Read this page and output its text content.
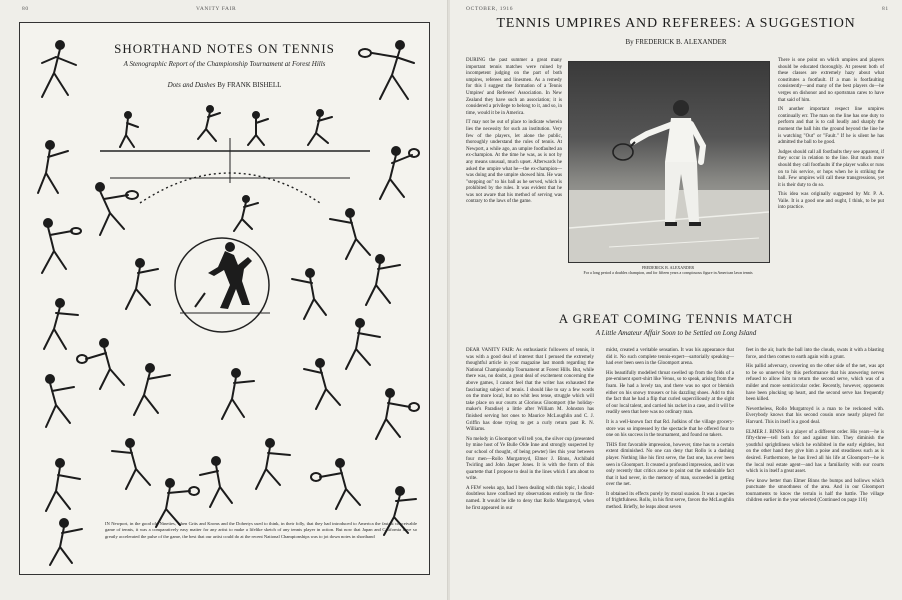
80	VANITY FAIR
SHORTHAND NOTES ON TENNIS
A Stenographic Report of the Championship Tournament at Forest Hills
Dots and Dashes By FRANK BISHELL
IN Newport, in the good old Nineties, when Grits and Kroms and the Dohertys used to think, in their folly, that they had introduced to America the fastest conceivable game of tennis, it was a comparatively easy matter for any artist to make a lifelike sketch of any tennis player in action. But now that Japan and California have so greatly accelerated the pulse of the game, the best that our artist could do at the recent National Championships was to jot down notes in shorthand
OCTOBER, 1916	81
TENNIS UMPIRES AND REFEREES: A SUGGESTION
By FREDERICK B. ALEXANDER

DURING the past summer a great many important tennis matches were ruined by incompetent judging on the part of both umpires, referees and linesmen. As a remedy for this I suggest the formation of a Tennis Umpires' and Referees' Association. In New Zealand they have such an association; it is considered a privilege to belong to it, and so, in time, would it be in America.

IT may not be out of place to indicate wherein lies the necessity for such an institution. Very few of the players, let alone the public, thoroughly understand the rules of tennis. At Newport, a while ago, an umpire footfaulted an ex-champion. At the time he was, as is not by any means unusual, much upset. Afterwards he asked the umpire what he—the ex-champion—was doing and the umpire showed him. He was "stepping on" to his ball as he served, which is prohibited by the rules. It was evident that he was not aware that his method of serving was contrary to the laws of the game.

FREDERICK B. ALEXANDER
For a long period a doubles champion, and for fifteen years a conspicuous figure in American lawn tennis

There is one point on which umpires and players should be educated thoroughly. At present both of these classes are extremely hazy about what constitutes a footfault. If a man is footfaulting consistently—and many of the best players do—he verges on dishonor and no sportsman cares to have that said of him.

IN another important respect line umpires continually err. The man on the line has one duty to perform and that is to call loudly and sharply the moment the ball hits the ground beyond the line he is watching "Out" or "Fault." If he is silent he has admitted the ball to be good.

Judges should call all footfaults they see apparent, if they occur in relation to the line. But much more should they call footfaults if the player walks or runs on to his service, or hops when he is striking the ball. Few umpires will call these transgressions, yet it is their duty to do so.

This idea was originally suggested by Mr. P. A. Vaile. It is a good one and ought, I think, to be put into practice.

A GREAT COMING TENNIS MATCH
A Little Amateur Affair Soon to be Settled on Long Island

DEAR VANITY FAIR: As enthusiastic followers of tennis, it was with a good deal of interest that I perused the extremely thoughtful article in your magazine last month regarding the National Championship Tournament at Forest Hills. But, while there was, no doubt, a great deal of excitement concerning the above games, I cannot feel that the writer has exhausted the fascinating subject of tennis. I should like to say a few words on the more local, but no whit less tense, struggle which will take place on our courts at Glorious Gloomport (the holiday-maker's Paradise) a little after William M. Johnston has finished serving hot ones to Maurice McLoughlin and C. J. Griffin has done trying to get a curly return past R. N. Williams.

No melody in Gloomport will tell you, the silver cup (presented by mine host of Ye Bulle Olde Inne and strongly suspected by our school of thought, of being pewter) lies this year between four men—Rollo Murgatroyd, Elmer J. Binns, Archibald Twirling and John Jasper Jones. It is with the form of this quartette that I propose to deal in the lines which I am about to write.

A FEW weeks ago, had I been dealing with this topic, I should doubtless have confined my observations entirely to the first-named. It would be idle to deny that Rollo Murgatroyd, when he first appeared in our

midst, created a veritable sensation. It was his appearance that did it. No such complete tennis-expert—sartorially speaking—had ever been seen in the Gloomport arena.

His beautifully modelled throat swelled up from the folds of a pre-eminent sport-shirt like Venus, so to speak, arising from the foam. He had a lovely tan, and there was no spot or blemish either on his snowy trousers or his dazzling shoes. Add to this the fact that he had a flip that curled superciliously at the sight of our local talent, and carried his racket in a case, and it will be readily seen that here was no ordinary man.

It is a well-known fact that Rd. Judkins of the village grocery-store was so impressed by the spectacle that he offered four to one on his success in the tournament, and found no takers.

THIS first favorable impression, however, time has to a certain extent diminished. No one can deny that Rollo is a dashing player. Nothing like his first serve, the fast one, has ever been seen in Gloomport. It created a profound impression, and it was only recently that critics arose to point out the undeniable fact that it had never, in the memory of man, succeeded in getting over the net.

It obtained its effects purely by moral suasion. It was a species of frightfulness. Rollo, in his first serve, favors the McLoughlin method. Briefly, he leaps about seven

feet in the air, hurls the ball into the clouds, swats it with a blasting force, and then comes to earth again with a grunt.

His pallid adversary, cowering on the other side of the net, was apt to be so unnerved by this performance that his answering nerves refused to allow him to return the second serve, which was of a milder and more semicircular order. Recently, however, opponents have been plucking up heart, and the second serve has frequently been killed.

Nevertheless, Rollo Murgatroyd is a man to be reckoned with. Everybody knows that his second cousin once nearly played for Harvard. This in itself is a good deal.

ELMER J. BINNS is a player of a different order. His years—he is fifty-three—tell both for and against him. They diminish the youthful sprightliness which he exhibited in the early eighties, but on the other hand they give him a poise and steadiness such as is desired. Furthermore, he has lived all his life at Gloomport—he is the local real estate agent—and has a familiarity with our courts which is in itself a great asset.

Few know better than Elmer Binns the bumps and hollows which punctuate the smoothness of the area. And in our Gloomport tournaments to know the terrain is half the battle. The village children earlier in the year selected (Continued on page 116)
